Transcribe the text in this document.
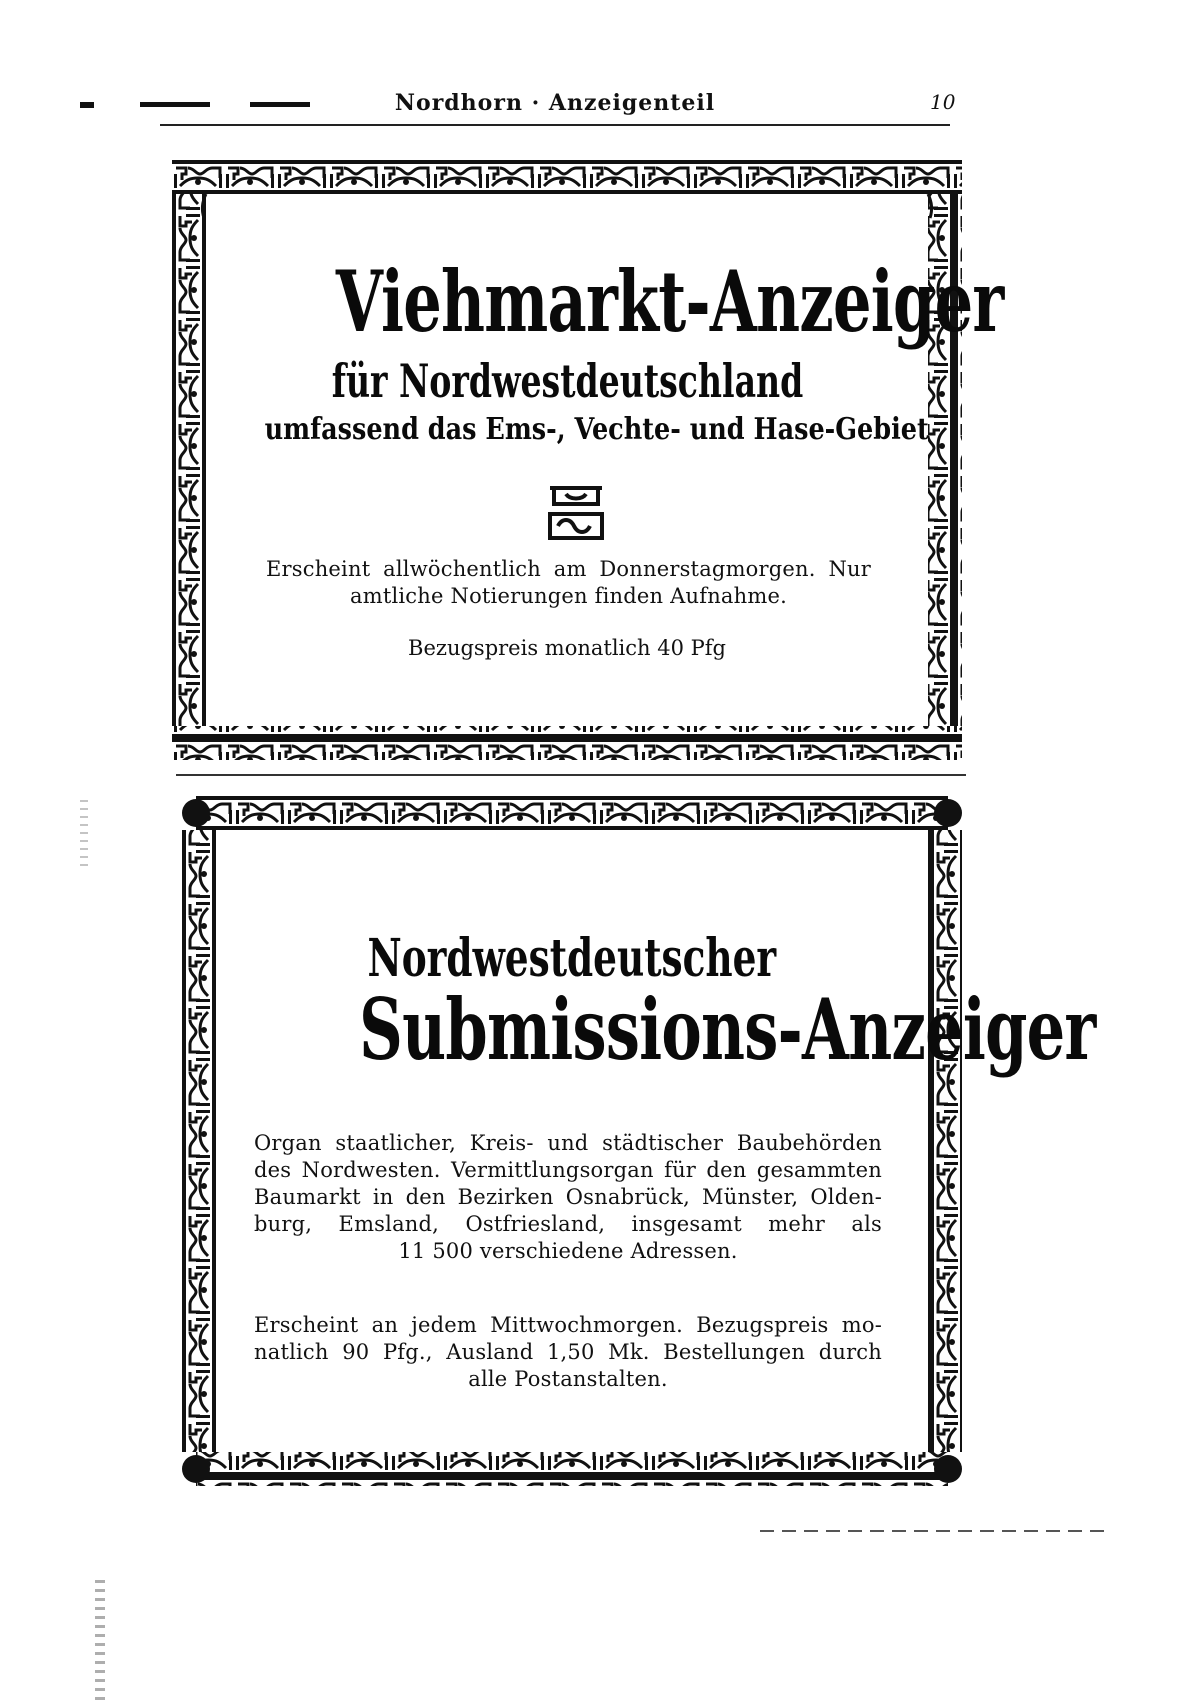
Nordhorn · Anzeigenteil	10
Viehmarkt-Anzeiger
für Nordwestdeutschland
umfassend das Ems-, Vechte- und Hase-Gebiet
Erscheint allwöchentlich am Donnerstagmorgen. Nur
amtliche Notierungen finden Aufnahme.
Bezugspreis monatlich 40 Pfg
Nordwestdeutscher
Submissions-Anzeiger
Organ staatlicher, Kreis- und städtischer Baubehörden
des Nordwesten. Vermittlungsorgan für den gesammten
Baumarkt in den Bezirken Osnabrück, Münster, Olden-
burg, Emsland, Ostfriesland, insgesamt mehr als
11 500 verschiedene Adressen.
Erscheint an jedem Mittwochmorgen. Bezugspreis mo-
natlich 90 Pfg., Ausland 1,50 Mk. Bestellungen durch
alle Postanstalten.
